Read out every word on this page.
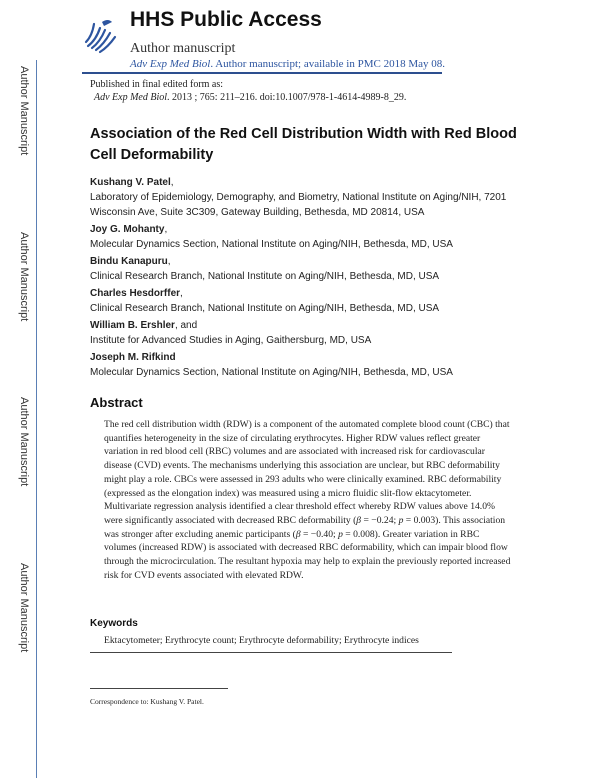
Author Manuscript
Author Manuscript
Author Manuscript
Author Manuscript
HHS Public Access
Author manuscript
Adv Exp Med Biol. Author manuscript; available in PMC 2018 May 08.
Published in final edited form as:
Adv Exp Med Biol. 2013 ; 765: 211–216. doi:10.1007/978-1-4614-4989-8_29.
Association of the Red Cell Distribution Width with Red Blood Cell Deformability
Kushang V. Patel,
Laboratory of Epidemiology, Demography, and Biometry, National Institute on Aging/NIH, 7201 Wisconsin Ave, Suite 3C309, Gateway Building, Bethesda, MD 20814, USA
Joy G. Mohanty,
Molecular Dynamics Section, National Institute on Aging/NIH, Bethesda, MD, USA
Bindu Kanapuru,
Clinical Research Branch, National Institute on Aging/NIH, Bethesda, MD, USA
Charles Hesdorffer,
Clinical Research Branch, National Institute on Aging/NIH, Bethesda, MD, USA
William B. Ershler, and
Institute for Advanced Studies in Aging, Gaithersburg, MD, USA
Joseph M. Rifkind
Molecular Dynamics Section, National Institute on Aging/NIH, Bethesda, MD, USA
Abstract

The red cell distribution width (RDW) is a component of the automated complete blood count (CBC) that quantifies heterogeneity in the size of circulating erythrocytes. Higher RDW values reflect greater variation in red blood cell (RBC) volumes and are associated with increased risk for cardiovascular disease (CVD) events. The mechanisms underlying this association are unclear, but RBC deformability might play a role. CBCs were assessed in 293 adults who were clinically examined. RBC deformability (expressed as the elongation index) was measured using a micro fluidic slit-flow ektacytometer. Multivariate regression analysis identified a clear threshold effect whereby RDW values above 14.0% were significantly associated with decreased RBC deformability (β = −0.24; p = 0.003). This association was stronger after excluding anemic participants (β = −0.40; p = 0.008). Greater variation in RBC volumes (increased RDW) is associated with decreased RBC deformability, which can impair blood flow through the microcirculation. The resultant hypoxia may help to explain the previously reported increased risk for CVD events associated with elevated RDW.

Keywords
Ektacytometer; Erythrocyte count; Erythrocyte deformability; Erythrocyte indices
Correspondence to: Kushang V. Patel.
